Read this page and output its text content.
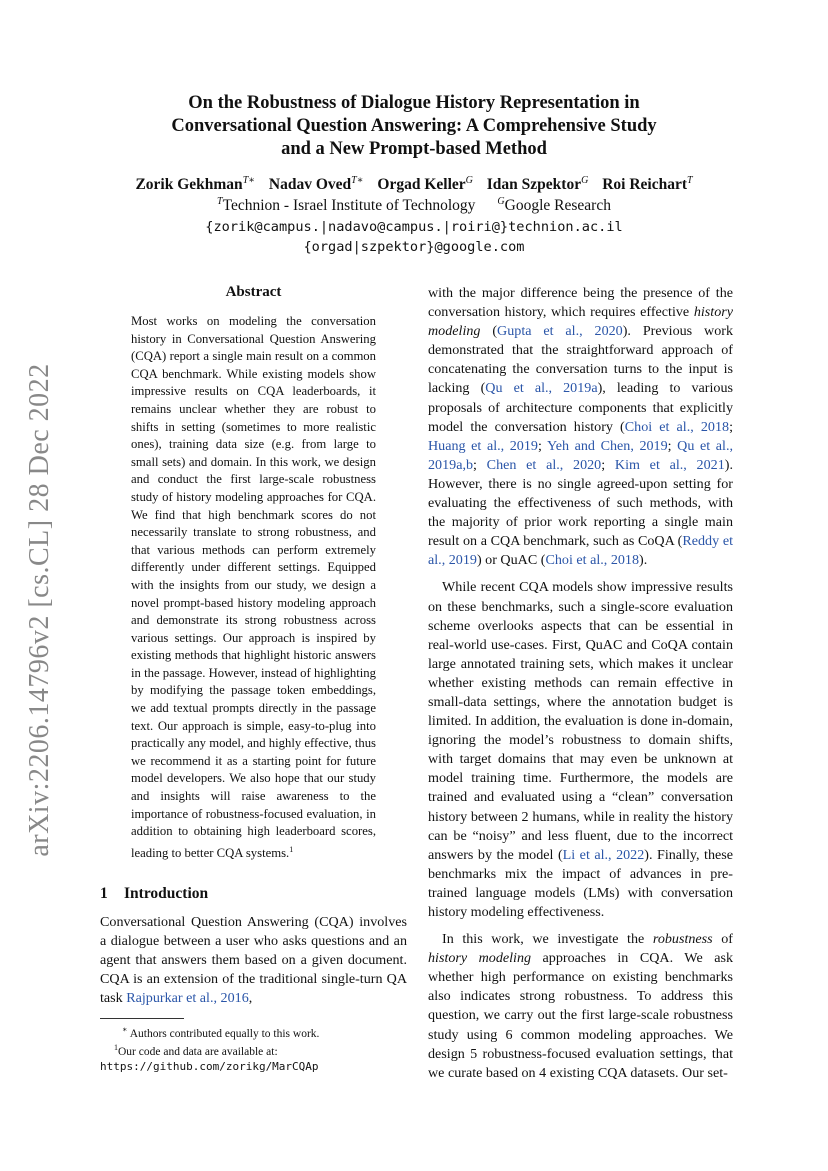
arXiv:2206.14796v2 [cs.CL] 28 Dec 2022
On the Robustness of Dialogue History Representation in
Conversational Question Answering: A Comprehensive Study
and a New Prompt-based Method
Zorik Gekhman$^{T∗}$ Nadav Oved$^{T∗}$ Orgad Keller$^G$ Idan Szpektor$^G$ Roi Reichart$^T$
$^T$Technion - Israel Institute of Technology $^G$Google Research
{zorik@campus.|nadavo@campus.|roiri@}technion.ac.il
{orgad|szpektor}@google.com
Abstract

Most works on modeling the conversation history in Conversational Question Answering (CQA) report a single main result on a common CQA benchmark. While existing models show impressive results on CQA leaderboards, it remains unclear whether they are robust to shifts in setting (sometimes to more realistic ones), training data size (e.g. from large to small sets) and domain. In this work, we design and conduct the first large-scale robustness study of history modeling approaches for CQA. We find that high benchmark scores do not necessarily translate to strong robustness, and that various methods can perform extremely differently under different settings. Equipped with the insights from our study, we design a novel prompt-based history modeling approach and demonstrate its strong robustness across various settings. Our approach is inspired by existing methods that highlight historic answers in the passage. However, instead of highlighting by modifying the passage token embeddings, we add textual prompts directly in the passage text. Our approach is simple, easy-to-plug into practically any model, and highly effective, thus we recommend it as a starting point for future model developers. We also hope that our study and insights will raise awareness to the importance of robustness-focused evaluation, in addition to obtaining high leaderboard scores, leading to better CQA systems.$^1$

1 Introduction

Conversational Question Answering (CQA) involves a dialogue between a user who asks questions and an agent that answers them based on a given document. CQA is an extension of the traditional single-turn QA task Rajpurkar et al., 2016,

∗ Authors contributed equally to this work.
$^1$Our code and data are available at:
https://github.com/zorikg/MarCQAp

with the major difference being the presence of the conversation history, which requires effective history modeling (Gupta et al., 2020). Previous work demonstrated that the straightforward approach of concatenating the conversation turns to the input is lacking (Qu et al., 2019a), leading to various proposals of architecture components that explicitly model the conversation history (Choi et al., 2018; Huang et al., 2019; Yeh and Chen, 2019; Qu et al., 2019a,b; Chen et al., 2020; Kim et al., 2021). However, there is no single agreed-upon setting for evaluating the effectiveness of such methods, with the majority of prior work reporting a single main result on a CQA benchmark, such as CoQA (Reddy et al., 2019) or QuAC (Choi et al., 2018).

While recent CQA models show impressive results on these benchmarks, such a single-score evaluation scheme overlooks aspects that can be essential in real-world use-cases. First, QuAC and CoQA contain large annotated training sets, which makes it unclear whether existing methods can remain effective in small-data settings, where the annotation budget is limited. In addition, the evaluation is done in-domain, ignoring the model’s robustness to domain shifts, with target domains that may even be unknown at model training time. Furthermore, the models are trained and evaluated using a “clean” conversation history between 2 humans, while in reality the history can be “noisy” and less fluent, due to the incorrect answers by the model (Li et al., 2022). Finally, these benchmarks mix the impact of advances in pre-trained language models (LMs) with conversation history modeling effectiveness.

In this work, we investigate the robustness of history modeling approaches in CQA. We ask whether high performance on existing benchmarks also indicates strong robustness. To address this question, we carry out the first large-scale robustness study using 6 common modeling approaches. We design 5 robustness-focused evaluation settings, that we curate based on 4 existing CQA datasets. Our set-
